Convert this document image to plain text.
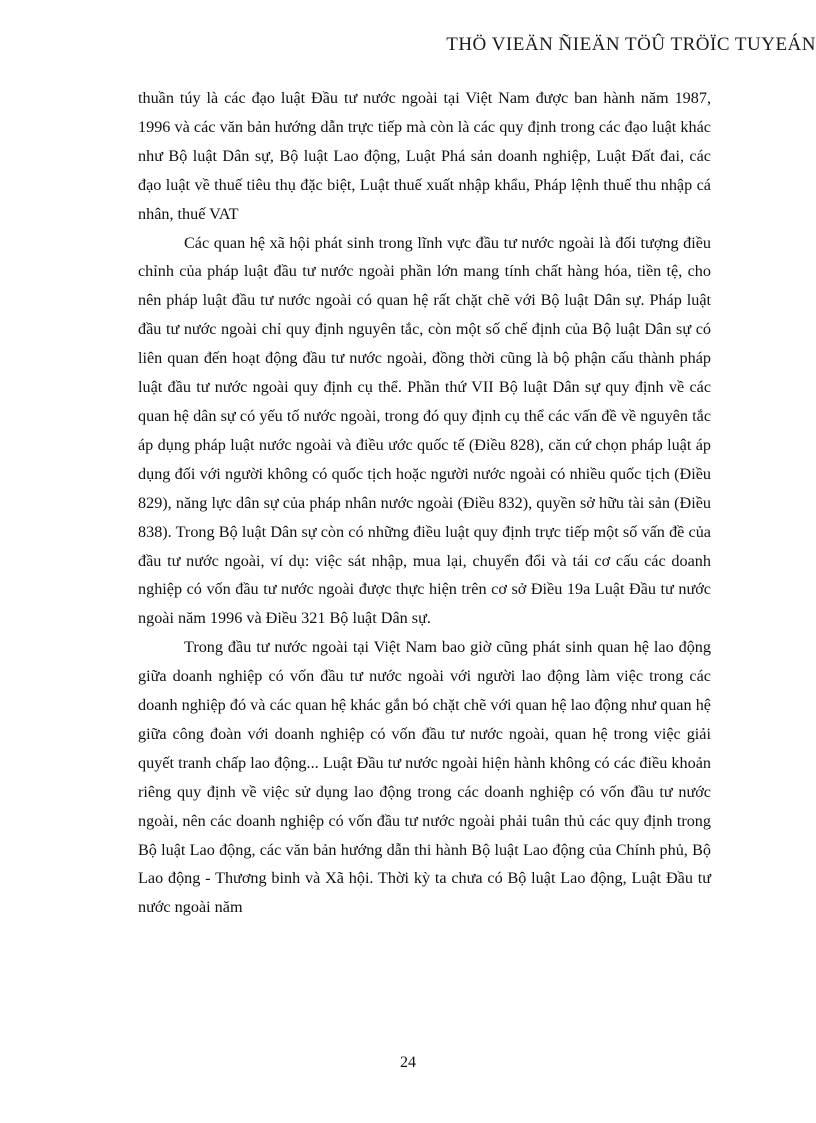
THÖ VIEÄN ÑIEÄN TÖÛ TRÖÏC TUYEÁN

thuần túy là các đạo luật Đầu tư nước ngoài tại Việt Nam được ban hành năm 1987, 1996 và các văn bản hướng dẫn trực tiếp mà còn là các quy định trong các đạo luật khác như Bộ luật Dân sự, Bộ luật Lao động, Luật Phá sản doanh nghiệp, Luật Đất đai, các đạo luật về thuế tiêu thụ đặc biệt, Luật thuế xuất nhập khẩu, Pháp lệnh thuế thu nhập cá nhân, thuế VAT

Các quan hệ xã hội phát sinh trong lĩnh vực đầu tư nước ngoài là đối tượng điều chỉnh của pháp luật đầu tư nước ngoài phần lớn mang tính chất hàng hóa, tiền tệ, cho nên pháp luật đầu tư nước ngoài có quan hệ rất chặt chẽ với Bộ luật Dân sự. Pháp luật đầu tư nước ngoài chỉ quy định nguyên tắc, còn một số chế định của Bộ luật Dân sự có liên quan đến hoạt động đầu tư nước ngoài, đồng thời cũng là bộ phận cấu thành pháp luật đầu tư nước ngoài quy định cụ thể. Phần thứ VII Bộ luật Dân sự quy định về các quan hệ dân sự có yếu tố nước ngoài, trong đó quy định cụ thể các vấn đề về nguyên tắc áp dụng pháp luật nước ngoài và điều ước quốc tế (Điều 828), căn cứ chọn pháp luật áp dụng đối với người không có quốc tịch hoặc người nước ngoài có nhiều quốc tịch (Điều 829), năng lực dân sự của pháp nhân nước ngoài (Điều 832), quyền sở hữu tài sản (Điều 838). Trong Bộ luật Dân sự còn có những điều luật quy định trực tiếp một số vấn đề của đầu tư nước ngoài, ví dụ: việc sát nhập, mua lại, chuyển đổi và tái cơ cấu các doanh nghiệp có vốn đầu tư nước ngoài được thực hiện trên cơ sở Điều 19a Luật Đầu tư nước ngoài năm 1996 và Điều 321 Bộ luật Dân sự.

Trong đầu tư nước ngoài tại Việt Nam bao giờ cũng phát sinh quan hệ lao động giữa doanh nghiệp có vốn đầu tư nước ngoài với người lao động làm việc trong các doanh nghiệp đó và các quan hệ khác gắn bó chặt chẽ với quan hệ lao động như quan hệ giữa công đoàn với doanh nghiệp có vốn đầu tư nước ngoài, quan hệ trong việc giải quyết tranh chấp lao động... Luật Đầu tư nước ngoài hiện hành không có các điều khoản riêng quy định về việc sử dụng lao động trong các doanh nghiệp có vốn đầu tư nước ngoài, nên các doanh nghiệp có vốn đầu tư nước ngoài phải tuân thủ các quy định trong Bộ luật Lao động, các văn bản hướng dẫn thi hành Bộ luật Lao động của Chính phủ, Bộ Lao động - Thương binh và Xã hội. Thời kỳ ta chưa có Bộ luật Lao động, Luật Đầu tư nước ngoài năm

24
